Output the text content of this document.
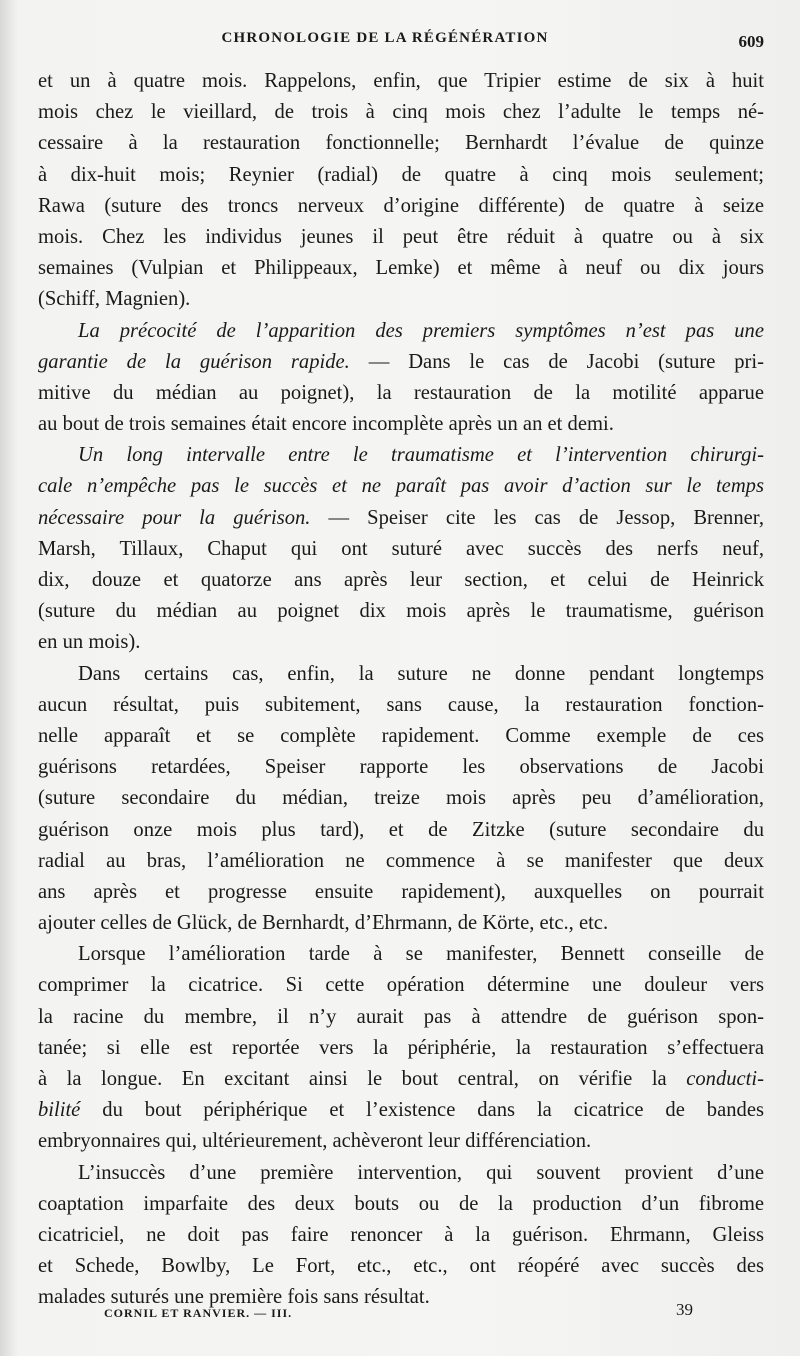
CHRONOLOGIE DE LA RÉGÉNÉRATION	609
et un à quatre mois. Rappelons, enfin, que Tripier estime de six à huit
mois chez le vieillard, de trois à cinq mois chez l’adulte le temps né-
cessaire à la restauration fonctionnelle; Bernhardt l’évalue de quinze
à dix-huit mois; Reynier (radial) de quatre à cinq mois seulement;
Rawa (suture des troncs nerveux d’origine différente) de quatre à seize
mois. Chez les individus jeunes il peut être réduit à quatre ou à six
semaines (Vulpian et Philippeaux, Lemke) et même à neuf ou dix jours
(Schiff, Magnien).
La précocité de l’apparition des premiers symptômes n’est pas une
garantie de la guérison rapide. — Dans le cas de Jacobi (suture pri-
mitive du médian au poignet), la restauration de la motilité apparue
au bout de trois semaines était encore incomplète après un an et demi.
Un long intervalle entre le traumatisme et l’intervention chirurgi-
cale n’empêche pas le succès et ne paraît pas avoir d’action sur le temps
nécessaire pour la guérison. — Speiser cite les cas de Jessop, Brenner,
Marsh, Tillaux, Chaput qui ont suturé avec succès des nerfs neuf,
dix, douze et quatorze ans après leur section, et celui de Heinrick
(suture du médian au poignet dix mois après le traumatisme, guérison
en un mois).
Dans certains cas, enfin, la suture ne donne pendant longtemps
aucun résultat, puis subitement, sans cause, la restauration fonction-
nelle apparaît et se complète rapidement. Comme exemple de ces
guérisons retardées, Speiser rapporte les observations de Jacobi
(suture secondaire du médian, treize mois après peu d’amélioration,
guérison onze mois plus tard), et de Zitzke (suture secondaire du
radial au bras, l’amélioration ne commence à se manifester que deux
ans après et progresse ensuite rapidement), auxquelles on pourrait
ajouter celles de Glück, de Bernhardt, d’Ehrmann, de Körte, etc., etc.
Lorsque l’amélioration tarde à se manifester, Bennett conseille de
comprimer la cicatrice. Si cette opération détermine une douleur vers
la racine du membre, il n’y aurait pas à attendre de guérison spon-
tanée; si elle est reportée vers la périphérie, la restauration s’effectuera
à la longue. En excitant ainsi le bout central, on vérifie la conducti-
bilité du bout périphérique et l’existence dans la cicatrice de bandes
embryonnaires qui, ultérieurement, achèveront leur différenciation.
L’insuccès d’une première intervention, qui souvent provient d’une
coaptation imparfaite des deux bouts ou de la production d’un fibrome
cicatriciel, ne doit pas faire renoncer à la guérison. Ehrmann, Gleiss
et Schede, Bowlby, Le Fort, etc., etc., ont réopéré avec succès des
malades suturés une première fois sans résultat.
CORNIL ET RANVIER. — III.	39
